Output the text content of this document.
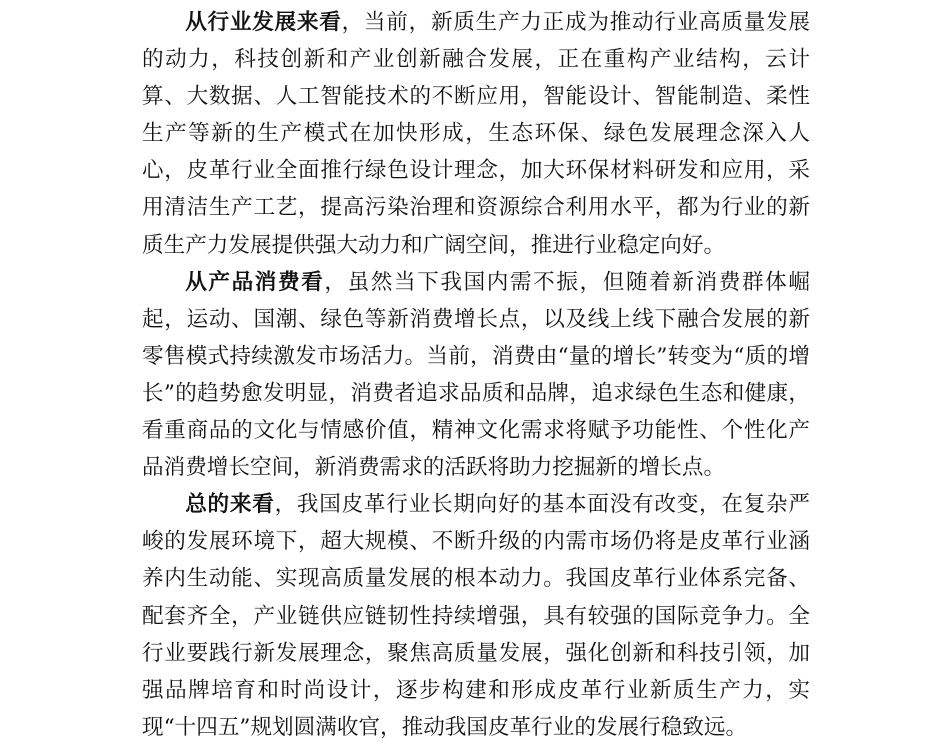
从行业发展来看，当前，新质生产力正成为推动行业高质量发展的动力，科技创新和产业创新融合发展，正在重构产业结构，云计算、大数据、人工智能技术的不断应用，智能设计、智能制造、柔性生产等新的生产模式在加快形成，生态环保、绿色发展理念深入人心，皮革行业全面推行绿色设计理念，加大环保材料研发和应用，采用清洁生产工艺，提高污染治理和资源综合利用水平，都为行业的新质生产力发展提供强大动力和广阔空间，推进行业稳定向好。

从产品消费看，虽然当下我国内需不振，但随着新消费群体崛起，运动、国潮、绿色等新消费增长点，以及线上线下融合发展的新零售模式持续激发市场活力。当前，消费由“量的增长”转变为“质的增长”的趋势愈发明显，消费者追求品质和品牌，追求绿色生态和健康，看重商品的文化与情感价值，精神文化需求将赋予功能性、个性化产品消费增长空间，新消费需求的活跃将助力挖掘新的增长点。

总的来看，我国皮革行业长期向好的基本面没有改变，在复杂严峻的发展环境下，超大规模、不断升级的内需市场仍将是皮革行业涵养内生动能、实现高质量发展的根本动力。我国皮革行业体系完备、配套齐全，产业链供应链韧性持续增强，具有较强的国际竞争力。全行业要践行新发展理念，聚焦高质量发展，强化创新和科技引领，加强品牌培育和时尚设计，逐步构建和形成皮革行业新质生产力，实现“十四五”规划圆满收官，推动我国皮革行业的发展行稳致远。
